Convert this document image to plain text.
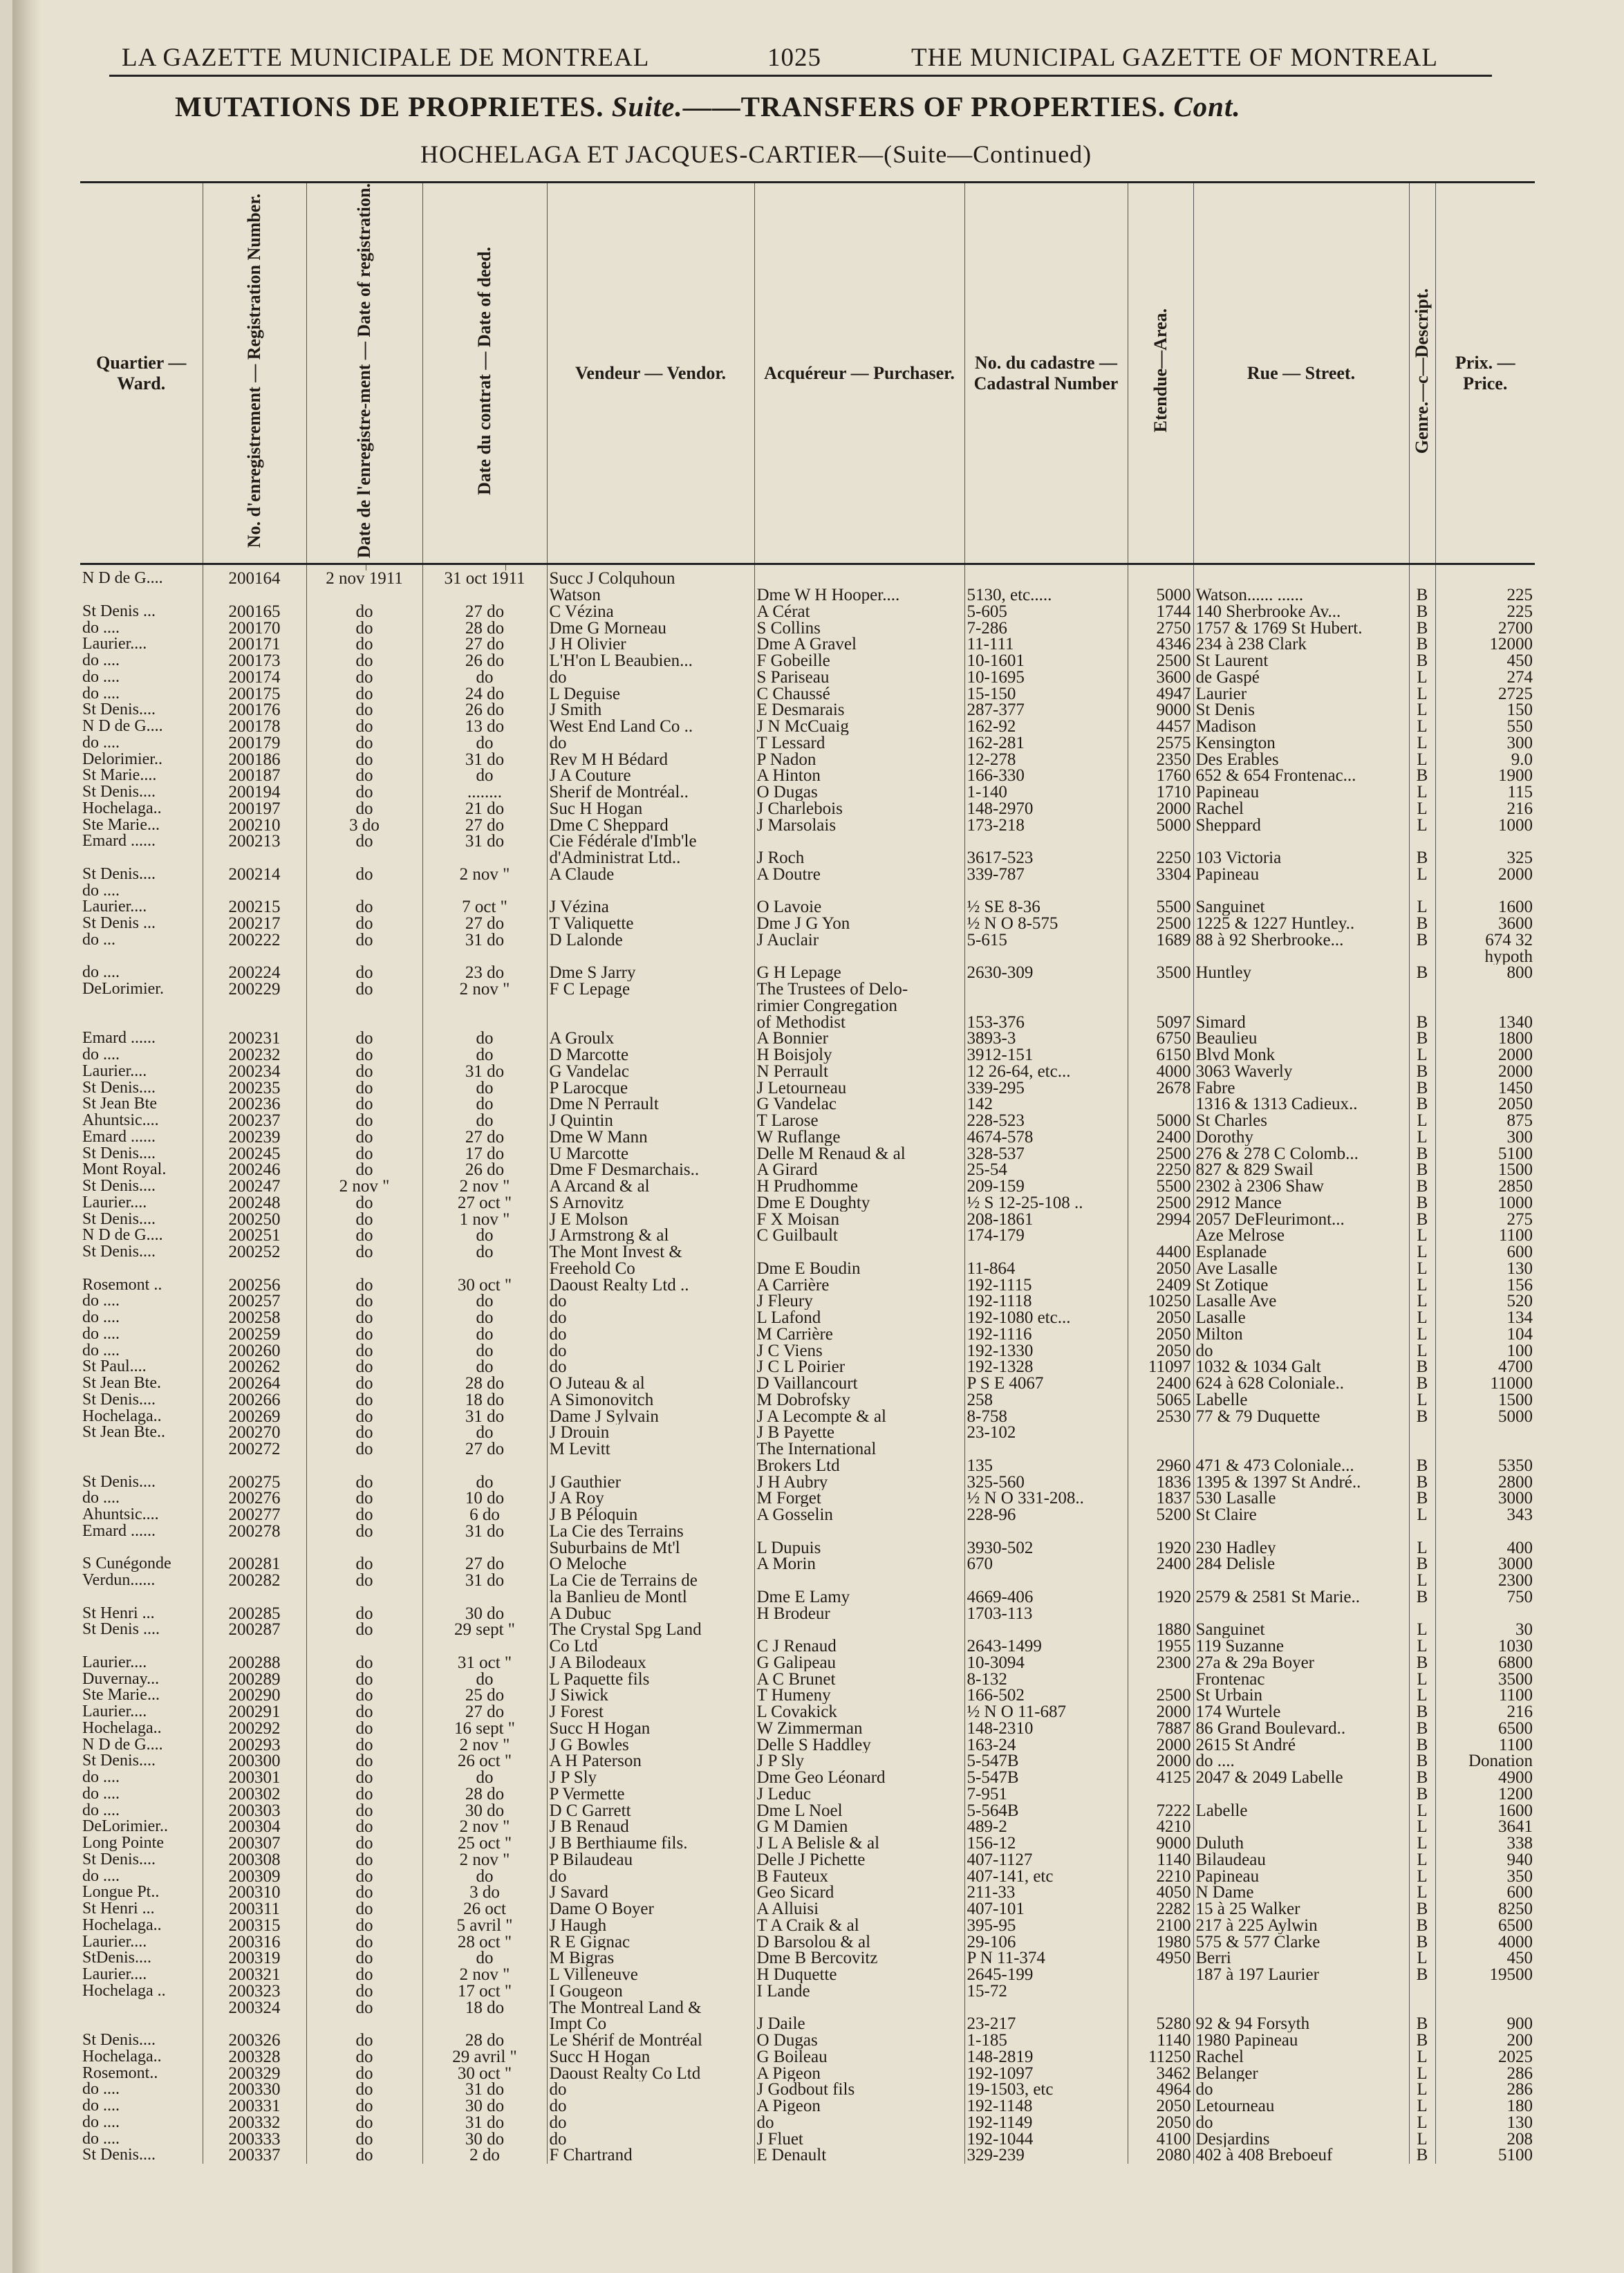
LA GAZETTE MUNICIPALE DE MONTREAL	1025	THE MUNICIPAL GAZETTE OF MONTREAL
MUTATIONS DE PROPRIETES. Suite.——TRANSFERS OF PROPERTIES. Cont.
HOCHELAGA ET JACQUES-CARTIER—(Suite—Continued)
Quartier — Ward.	No. d'enregistrement — Registration Number.	Date de l'enregistre-ment — Date of registration.		Date du contrat — Date of deed.		Vendeur — Vendor.	Acquéreur — Purchaser.	No. du cadastre — Cadastral Number	Etendue—Area.	Rue — Street.	Genre.—c—Descript.	Prix. — Price.

N D de G....	200164	2 nov 1911		31 oct 1911		Succ J Colquhoun						
						Watson	Dme W H Hooper....	5130, etc.....	5000	Watson...... ......	B	225
St Denis ...	200165	do		27 do		C Vézina	A Cérat	5-605	1744	140 Sherbrooke Av...	B	225
do ....	200170	do		28 do		Dme G Morneau	S Collins	7-286	2750	1757 & 1769 St Hubert.	B	2700
Laurier....	200171	do		27 do		J H Olivier	Dme A Gravel	11-111	4346	234 à 238 Clark	B	12000
do ....	200173	do		26 do		L'H'on L Beaubien...	F Gobeille	10-1601	2500	St Laurent	B	450
do ....	200174	do		do		do	S Pariseau	10-1695	3600	de Gaspé	L	274
do ....	200175	do		24 do		L Deguise	C Chaussé	15-150	4947	Laurier	L	2725
St Denis....	200176	do		26 do		J Smith	E Desmarais	287-377	9000	St Denis	L	150
N D de G....	200178	do		13 do		West End Land Co ..	J N McCuaig	162-92	4457	Madison	L	550
do ....	200179	do		do		do	T Lessard	162-281	2575	Kensington	L	300
Delorimier..	200186	do		31 do		Rev M H Bédard	P Nadon	12-278	2350	Des Erables	L	9.0
St Marie....	200187	do		do		J A Couture	A Hinton	166-330	1760	652 & 654 Frontenac...	B	1900
St Denis....	200194	do		........		Sherif de Montréal..	O Dugas	1-140	1710	Papineau	L	115
Hochelaga..	200197	do		21 do		Suc H Hogan	J Charlebois	148-2970	2000	Rachel	L	216
Ste Marie...	200210	3 do		27 do		Dme C Sheppard	J Marsolais	173-218	5000	Sheppard	L	1000
Emard ......	200213	do		31 do		Cie Fédérale d'Imb'le						
						d'Administrat Ltd..	J Roch	3617-523	2250	103 Victoria	B	325
St Denis....	200214	do		2 nov "		A Claude	A Doutre	339-787	3304	Papineau	L	2000
do ....												
Laurier....	200215	do		7 oct "		J Vézina	O Lavoie	½ SE 8-36	5500	Sanguinet	L	1600
St Denis ...	200217	do		27 do		T Valiquette	Dme J G Yon	½ N O 8-575	2500	1225 & 1227 Huntley..	B	3600
do ...	200222	do		31 do		D Lalonde	J Auclair	5-615	1689	88 à 92 Sherbrooke...	B	674 32
												hypoth
do ....	200224	do		23 do		Dme S Jarry	G H Lepage	2630-309	3500	Huntley	B	800
DeLorimier.	200229	do		2 nov "		F C Lepage	The Trustees of Delo-					
							rimier Congregation					
							of Methodist	153-376	5097	Simard	B	1340
Emard ......	200231	do		do		A Groulx	A Bonnier	3893-3	6750	Beaulieu	B	1800
do ....	200232	do		do		D Marcotte	H Boisjoly	3912-151	6150	Blvd Monk	L	2000
Laurier....	200234	do		31 do		G Vandelac	N Perrault	12 26-64, etc...	4000	3063 Waverly	B	2000
St Denis....	200235	do		do		P Larocque	J Letourneau	339-295	2678	Fabre	B	1450
St Jean Bte	200236	do		do		Dme N Perrault	G Vandelac	142		1316 & 1313 Cadieux..	B	2050
Ahuntsic....	200237	do		do		J Quintin	T Larose	228-523	5000	St Charles	L	875
Emard ......	200239	do		27 do		Dme W Mann	W Ruflange	4674-578	2400	Dorothy	L	300
St Denis....	200245	do		17 do		U Marcotte	Delle M Renaud & al	328-537	2500	276 & 278 C Colomb...	B	5100
Mont Royal.	200246	do		26 do		Dme F Desmarchais..	A Girard	25-54	2250	827 & 829 Swail	B	1500
St Denis....	200247	2 nov "		2 nov "		A Arcand & al	H Prudhomme	209-159	5500	2302 à 2306 Shaw	B	2850
Laurier....	200248	do		27 oct "		S Arnovitz	Dme E Doughty	½ S 12-25-108 ..	2500	2912 Mance	B	1000
St Denis....	200250	do		1 nov "		J E Molson	F X Moisan	208-1861	2994	2057 DeFleurimont...	B	275
N D de G....	200251	do		do		J Armstrong & al	C Guilbault	174-179		Aze Melrose	L	1100
St Denis....	200252	do		do		The Mont Invest &			4400	Esplanade	L	600
						Freehold Co	Dme E Boudin	11-864	2050	Ave Lasalle	L	130
Rosemont ..	200256	do		30 oct "		Daoust Realty Ltd ..	A Carrière	192-1115	2409	St Zotique	L	156
do ....	200257	do		do		do	J Fleury	192-1118	10250	Lasalle Ave	L	520
do ....	200258	do		do		do	L Lafond	192-1080 etc...	2050	Lasalle	L	134
do ....	200259	do		do		do	M Carrière	192-1116	2050	Milton	L	104
do ....	200260	do		do		do	J C Viens	192-1330	2050	do	L	100
St Paul....	200262	do		do		do	J C L Poirier	192-1328	11097	1032 & 1034 Galt	B	4700
St Jean Bte.	200264	do		28 do		O Juteau & al	D Vaillancourt	P S E 4067	2400	624 à 628 Coloniale..	B	11000
St Denis....	200266	do		18 do		A Simonovitch	M Dobrofsky	258	5065	Labelle	L	1500
Hochelaga..	200269	do		31 do		Dame J Sylvain	J A Lecompte & al	8-758	2530	77 & 79 Duquette	B	5000
St Jean Bte..	200270	do		do		J Drouin	J B Payette	23-102				
	200272	do		27 do		M Levitt	The International					
							Brokers Ltd	135	2960	471 & 473 Coloniale...	B	5350
St Denis....	200275	do		do		J Gauthier	J H Aubry	325-560	1836	1395 & 1397 St André..	B	2800
do ....	200276	do		10 do		J A Roy	M Forget	½ N O 331-208..	1837	530 Lasalle	B	3000
Ahuntsic....	200277	do		6 do		J B Péloquin	A Gosselin	228-96	5200	St Claire	L	343
Emard ......	200278	do		31 do		La Cie des Terrains						
						Suburbains de Mt'l	L Dupuis	3930-502	1920	230 Hadley	L	400
S Cunégonde	200281	do		27 do		O Meloche	A Morin	670	2400	284 Delisle	B	3000
Verdun......	200282	do		31 do		La Cie de Terrains de					L	2300
						la Banlieu de Montl	Dme E Lamy	4669-406	1920	2579 & 2581 St Marie..	B	750
St Henri ...	200285	do		30 do		A Dubuc	H Brodeur	1703-113				
St Denis ....	200287	do		29 sept "		The Crystal Spg Land			1880	Sanguinet	L	30
						Co Ltd	C J Renaud	2643-1499	1955	119 Suzanne	L	1030
Laurier....	200288	do		31 oct "		J A Bilodeaux	G Galipeau	10-3094	2300	27a & 29a Boyer	B	6800
Duvernay...	200289	do		do		L Paquette fils	A C Brunet	8-132		Frontenac	L	3500
Ste Marie...	200290	do		25 do		J Siwick	T Humeny	166-502	2500	St Urbain	L	1100
Laurier....	200291	do		27 do		J Forest	L Covakick	½ N O 11-687	2000	174 Wurtele	B	216
Hochelaga..	200292	do		16 sept "		Succ H Hogan	W Zimmerman	148-2310	7887	86 Grand Boulevard..	B	6500
N D de G....	200293	do		2 nov "		J G Bowles	Delle S Haddley	163-24	2000	2615 St André	B	1100
St Denis....	200300	do		26 oct "		A H Paterson	J P Sly	5-547B	2000	do ....	B	Donation
do ....	200301	do		do		J P Sly	Dme Geo Léonard	5-547B	4125	2047 & 2049 Labelle	B	4900
do ....	200302	do		28 do		P Vermette	J Leduc	7-951			B	1200
do ....	200303	do		30 do		D C Garrett	Dme L Noel	5-564B	7222	Labelle	L	1600
DeLorimier..	200304	do		2 nov "		J B Renaud	G M Damien	489-2	4210		L	3641
Long Pointe	200307	do		25 oct "		J B Berthiaume fils.	J L A Belisle & al	156-12	9000	Duluth	L	338
St Denis....	200308	do		2 nov "		P Bilaudeau	Delle J Pichette	407-1127	1140	Bilaudeau	L	940
do ....	200309	do		do		do	B Fauteux	407-141, etc	2210	Papineau	L	350
Longue Pt..	200310	do		3 do		J Savard	Geo Sicard	211-33	4050	N Dame	L	600
St Henri ...	200311	do		26 oct		Dame O Boyer	A Alluisi	407-101	2282	15 à 25 Walker	B	8250
Hochelaga..	200315	do		5 avril "		J Haugh	T A Craik & al	395-95	2100	217 à 225 Aylwin	B	6500
Laurier....	200316	do		28 oct "		R E Gignac	D Barsolou & al	29-106	1980	575 & 577 Clarke	B	4000
StDenis....	200319	do		do		M Bigras	Dme B Bercovitz	P N 11-374	4950	Berri	L	450
Laurier....	200321	do		2 nov "		L Villeneuve	H Duquette	2645-199		187 à 197 Laurier	B	19500
Hochelaga ..	200323	do		17 oct "		I Gougeon	I Lande	15-72				
	200324	do		18 do		The Montreal Land &						
						Impt Co	J Daile	23-217	5280	92 & 94 Forsyth	B	900
St Denis....	200326	do		28 do		Le Shérif de Montréal	O Dugas	1-185	1140	1980 Papineau	B	200
Hochelaga..	200328	do		29 avril "		Succ H Hogan	G Boileau	148-2819	11250	Rachel	L	2025
Rosemont..	200329	do		30 oct "		Daoust Realty Co Ltd	A Pigeon	192-1097	3462	Belanger	L	286
do ....	200330	do		31 do		do	J Godbout fils	19-1503, etc	4964	do	L	286
do ....	200331	do		30 do		do	A Pigeon	192-1148	2050	Letourneau	L	180
do ....	200332	do		31 do		do	do	192-1149	2050	do	L	130
do ....	200333	do		30 do		do	J Fluet	192-1044	4100	Desjardins	L	208
St Denis....	200337	do		2 do		F Chartrand	E Denault	329-239	2080	402 à 408 Breboeuf	B	5100
